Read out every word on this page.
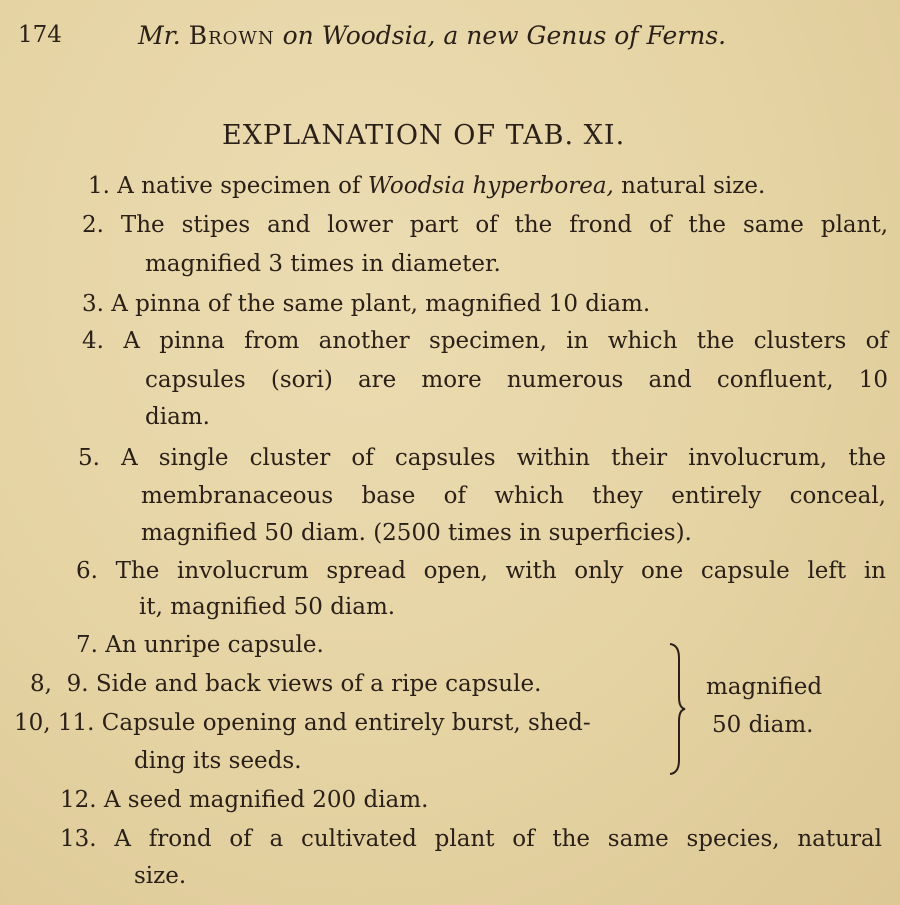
174	Mr. Brown on Woodsia, a new Genus of Ferns.
EXPLANATION OF TAB. XI.
1. A native specimen of Woodsia hyperborea, natural size.
2. The stipes and lower part of the frond of the same plant,
magnified 3 times in diameter.
3. A pinna of the same plant, magnified 10 diam.
4. A pinna from another specimen, in which the clusters of
capsules (sori) are more numerous and confluent, 10
diam.
5. A single cluster of capsules within their involucrum, the
membranaceous base of which they entirely conceal,
magnified 50 diam. (2500 times in superficies).
6. The involucrum spread open, with only one capsule left in
it, magnified 50 diam.
7. An unripe capsule.
8,  9. Side and back views of a ripe capsule.
10, 11. Capsule opening and entirely burst, shed-
ding its seeds.
magnified
50 diam.
12. A seed magnified 200 diam.
13. A frond of a cultivated plant of the same species, natural
size.
